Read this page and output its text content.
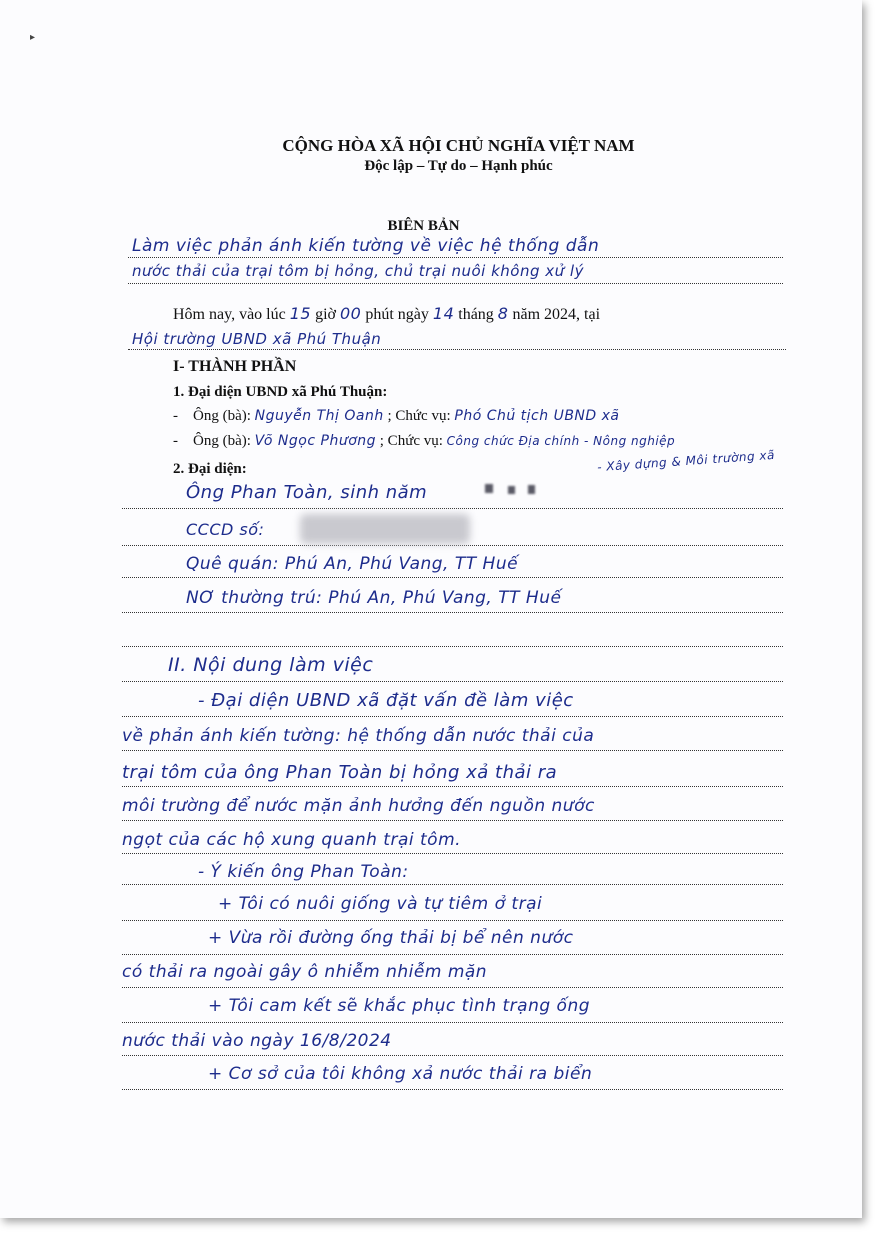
▸
CỘNG HÒA XÃ HỘI CHỦ NGHĨA VIỆT NAM
Độc lập – Tự do – Hạnh phúc
BIÊN BẢN
Làm việc phản ánh kiến tường về việc hệ thống dẫn
nước thải của trại tôm bị hỏng, chủ trại nuôi không xử lý
Hôm nay, vào lúc 15 giờ 00 phút ngày 14 tháng 8 năm 2024, tại
Hội trường UBND xã Phú Thuận
I- THÀNH PHẦN
1. Đại diện UBND xã Phú Thuận:
- Ông (bà): Nguyễn Thị Oanh ; Chức vụ: Phó Chủ tịch UBND xã
- Ông (bà): Võ Ngọc Phương ; Chức vụ: Công chức Địa chính - Nông nghiệp
- Xây dựng & Môi trường xã
2. Đại diện:
Ông Phan Toàn, sinh năm
CCCD số:
Quê quán: Phú An, Phú Vang, TT Huế
NƠ thường trú: Phú An, Phú Vang, TT Huế
II. Nội dung làm việc
- Đại diện UBND xã đặt vấn đề làm việc
về phản ánh kiến tường: hệ thống dẫn nước thải của
trại tôm của ông Phan Toàn bị hỏng xả thải ra
môi trường để nước mặn ảnh hưởng đến nguồn nước
ngọt của các hộ xung quanh trại tôm.
- Ý kiến ông Phan Toàn:
+ Tôi có nuôi giống và tự tiêm ở trại
+ Vừa rồi đường ống thải bị bể nên nước
có thải ra ngoài gây ô nhiễm nhiễm mặn
+ Tôi cam kết sẽ khắc phục tình trạng ống
nước thải vào ngày 16/8/2024
+ Cơ sở của tôi không xả nước thải ra biển
